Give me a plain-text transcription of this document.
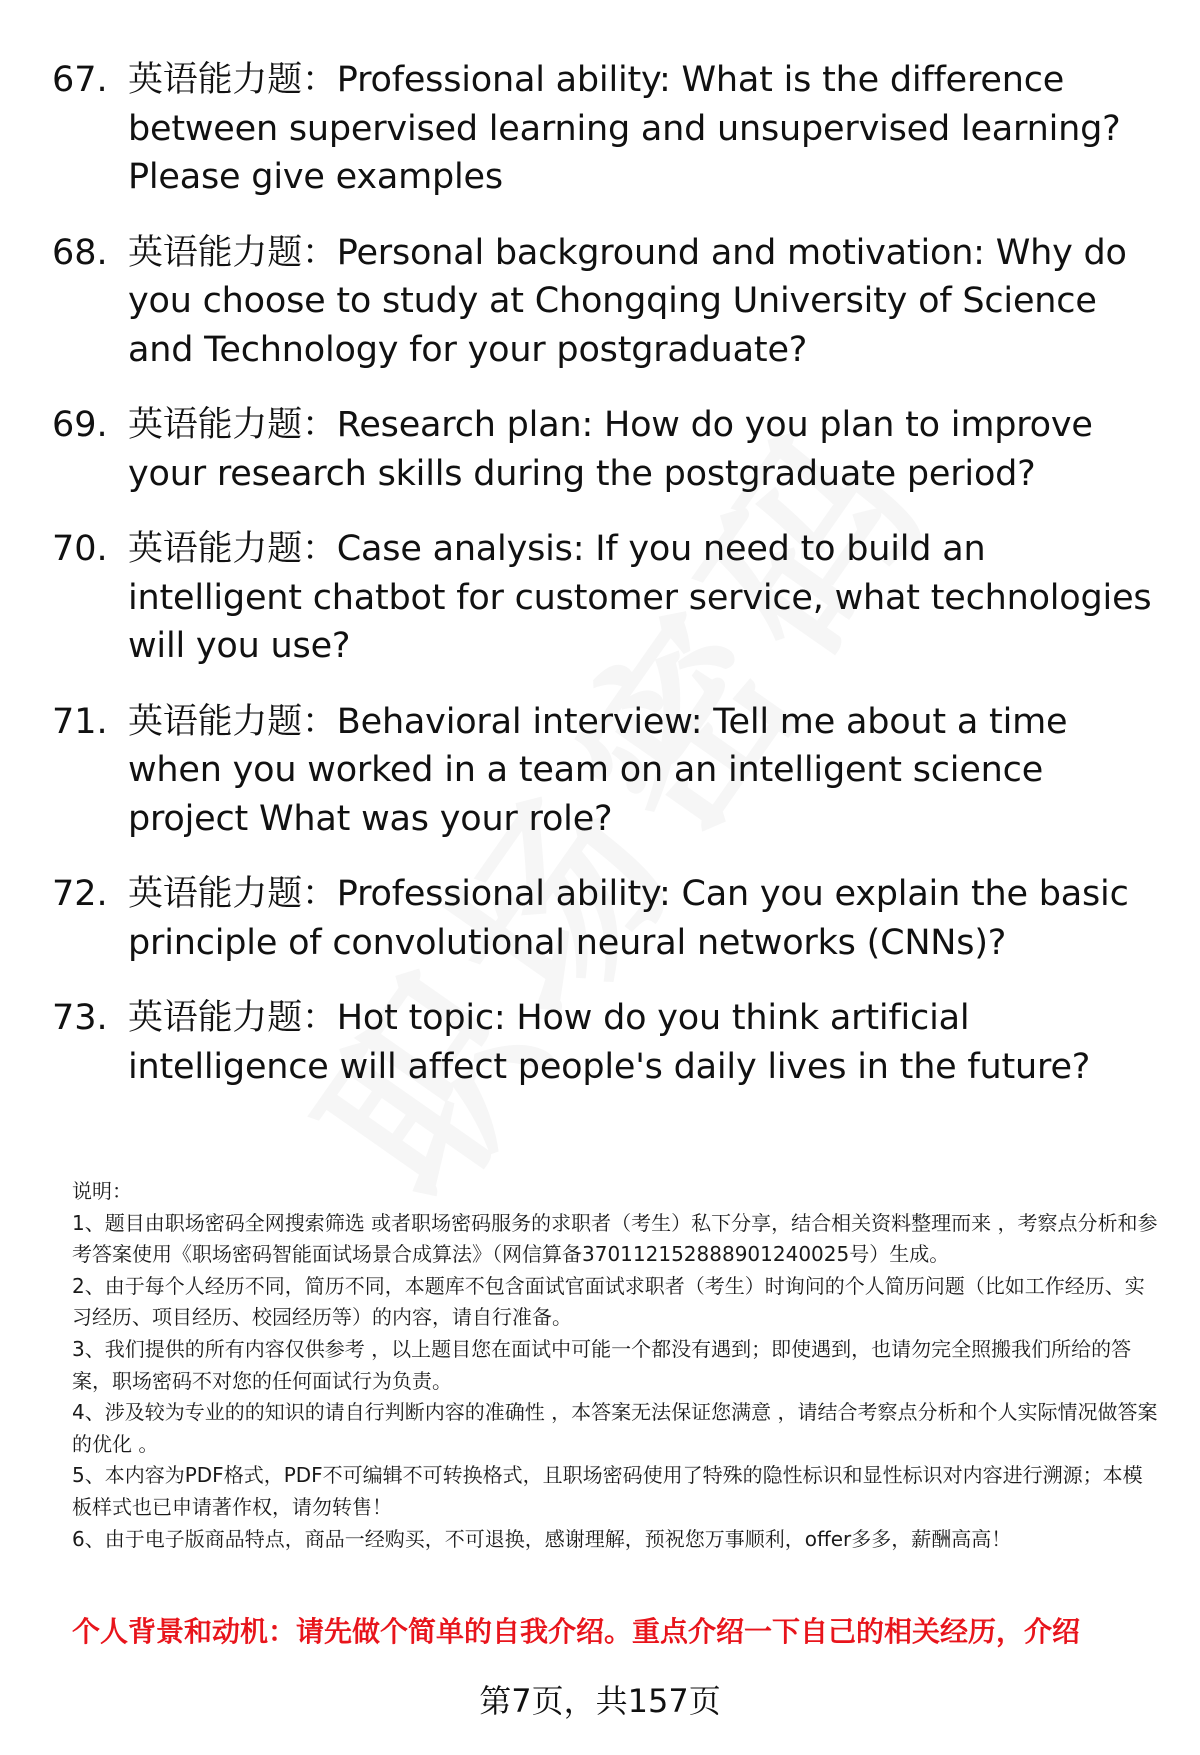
67. 英语能力题：Professional ability: What is the difference between supervised learning and unsupervised learning? Please give examples
68. 英语能力题：Personal background and motivation: Why do you choose to study at Chongqing University of Science and Technology for your postgraduate?
69. 英语能力题：Research plan: How do you plan to improve your research skills during the postgraduate period?
70. 英语能力题：Case analysis: If you need to build an intelligent chatbot for customer service, what technologies will you use?
71. 英语能力题：Behavioral interview: Tell me about a time when you worked in a team on an intelligent science project What was your role?
72. 英语能力题：Professional ability: Can you explain the basic principle of convolutional neural networks (CNNs)?
73. 英语能力题：Hot topic: How do you think artificial intelligence will affect people's daily lives in the future?

说明：

1、题目由职场密码全网搜索筛选 或者职场密码服务的求职者（考生）私下分享，结合相关资料整理而来 ，考察点分析和参考答案使用《职场密码智能面试场景合成算法》（网信算备370112152888901240025号）生成。

2、由于每个人经历不同，简历不同，本题库不包含面试官面试求职者（考生）时询问的个人简历问题（比如工作经历、实习经历、项目经历、校园经历等）的内容，请自行准备。

3、我们提供的所有内容仅供参考 ，以上题目您在面试中可能一个都没有遇到；即使遇到，也请勿完全照搬我们所给的答案，职场密码不对您的任何面试行为负责。

4、涉及较为专业的的知识的请自行判断内容的准确性 ，本答案无法保证您满意 ，请结合考察点分析和个人实际情况做答案的优化 。

5、本内容为PDF格式，PDF不可编辑不可转换格式，且职场密码使用了特殊的隐性标识和显性标识对内容进行溯源；本模板样式也已申请著作权，请勿转售！

6、由于电子版商品特点，商品一经购买，不可退换，感谢理解，预祝您万事顺利，offer多多，薪酬高高！

个人背景和动机：请先做个简单的自我介绍。重点介绍一下自己的相关经历，介绍
第7页，共157页
